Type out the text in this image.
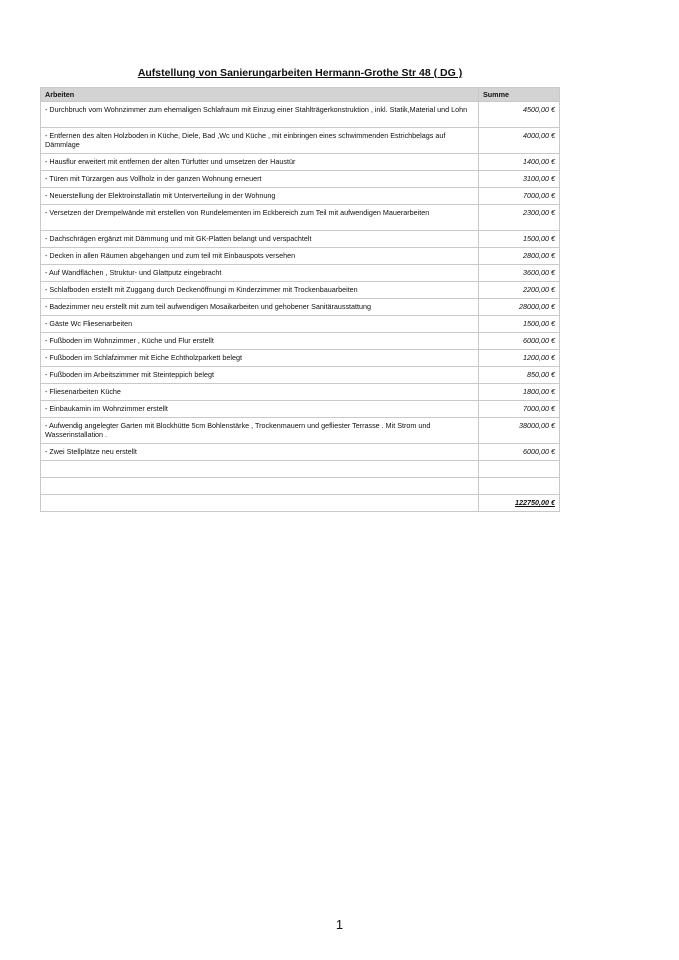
Aufstellung von Sanierungarbeiten Hermann-Grothe Str 48 ( DG )
Arbeiten	Summe
- Durchbruch vom Wohnzimmer zum ehemaligen Schlafraum mit Einzug einer Stahlträgerkonstruktion , inkl. Statik,Material und Lohn	4500,00 €
- Entfernen des alten Holzboden in Küche, Diele, Bad ,Wc und Küche , mit einbringen eines schwimmenden Estrichbelags auf Dämmlage	4000,00 €
- Hausflur erweitert mit entfernen der alten Türfutter und umsetzen der Haustür	1400,00 €
- Türen mit Türzargen aus Vollholz in der ganzen Wohnung erneuert	3100,00 €
- Neuerstellung der Elektroinstallatin mit Unterverteilung in der Wohnung	7000,00 €
- Versetzen der Drempelwände mit erstellen von Rundelementen im Eckbereich zum Teil mit aufwendigen Mauerarbeiten	2300,00 €
- Dachschrägen ergänzt mit Dämmung und mit GK-Platten belangt und verspachtelt	1500,00 €
- Decken in allen Räumen abgehangen und zum teil mit Einbauspots versehen	2800,00 €
- Auf Wandflächen , Struktur- und Glattputz eingebracht	3600,00 €
- Schlafboden erstellt mit Zuggang durch Deckenöffnungi m Kinderzimmer mit Trockenbauarbeiten	2200,00 €
- Badezimmer neu erstellt mit zum teil aufwendigen Mosaikarbeiten und gehobener Sanitärausstattung	28000,00 €
- Gäste Wc Fliesenarbeiten	1500,00 €
- Fußboden im Wohnzimmer , Küche und Flur erstellt	6000,00 €
- Fußboden im Schlafzimmer mit Eiche Echtholzparkett belegt	1200,00 €
- Fußboden im Arbeitszimmer mit Steinteppich belegt	850,00 €
- Fliesenarbeiten Küche	1800,00 €
- Einbaukamin im Wohnzimmer erstellt	7000,00 €
- Aufwendig angelegter Garten mit Blockhütte 5cm Bohlenstärke , Trockenmauern und gefliester Terrasse . Mit Strom und Wasserinstallation .	38000,00 €
- Zwei Stellplätze neu erstellt	6000,00 €

	122750,00 €
1
